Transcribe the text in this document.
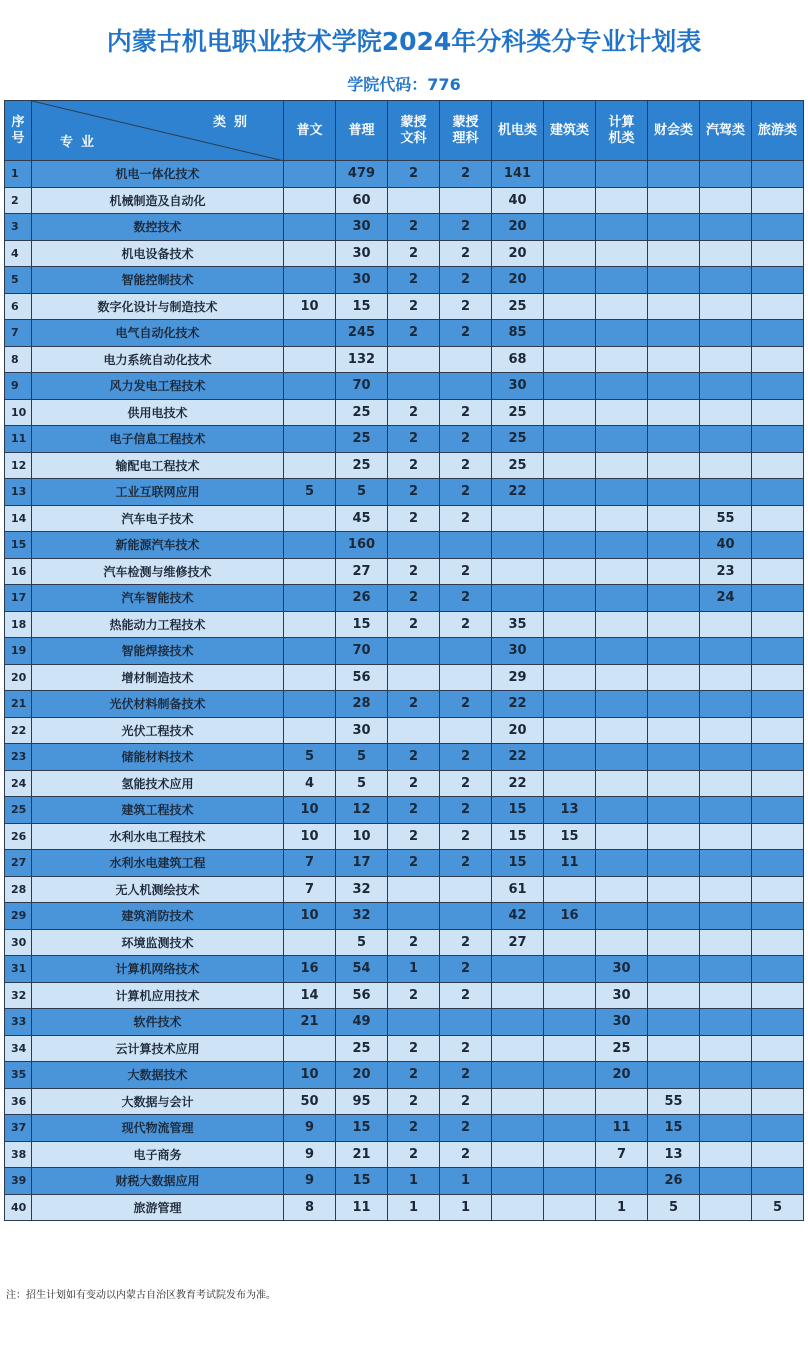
内蒙古机电职业技术学院2024年分科类分专业计划表
学院代码：776
序号	类别
专业	普文	普理	蒙授文科	蒙授理科	机电类	建筑类	计算机类	财会类	汽驾类	旅游类
1	机电一体化技术		479	2	2	141					
2	机械制造及自动化		60			40					
3	数控技术		30	2	2	20					
4	机电设备技术		30	2	2	20					
5	智能控制技术		30	2	2	20					
6	数字化设计与制造技术	10	15	2	2	25					
7	电气自动化技术		245	2	2	85					
8	电力系统自动化技术		132			68					
9	风力发电工程技术		70			30					
10	供用电技术		25	2	2	25					
11	电子信息工程技术		25	2	2	25					
12	输配电工程技术		25	2	2	25					
13	工业互联网应用	5	5	2	2	22					
14	汽车电子技术		45	2	2					55	
15	新能源汽车技术		160							40	
16	汽车检测与维修技术		27	2	2					23	
17	汽车智能技术		26	2	2					24	
18	热能动力工程技术		15	2	2	35					
19	智能焊接技术		70			30					
20	增材制造技术		56			29					
21	光伏材料制备技术		28	2	2	22					
22	光伏工程技术		30			20					
23	储能材料技术	5	5	2	2	22					
24	氢能技术应用	4	5	2	2	22					
25	建筑工程技术	10	12	2	2	15	13				
26	水利水电工程技术	10	10	2	2	15	15				
27	水利水电建筑工程	7	17	2	2	15	11				
28	无人机测绘技术	7	32			61					
29	建筑消防技术	10	32			42	16				
30	环境监测技术		5	2	2	27					
31	计算机网络技术	16	54	1	2			30			
32	计算机应用技术	14	56	2	2			30			
33	软件技术	21	49					30			
34	云计算技术应用		25	2	2			25			
35	大数据技术	10	20	2	2			20			
36	大数据与会计	50	95	2	2				55		
37	现代物流管理	9	15	2	2			11	15		
38	电子商务	9	21	2	2			7	13		
39	财税大数据应用	9	15	1	1				26		
40	旅游管理	8	11	1	1			1	5		5
注：招生计划如有变动以内蒙古自治区教育考试院发布为准。
